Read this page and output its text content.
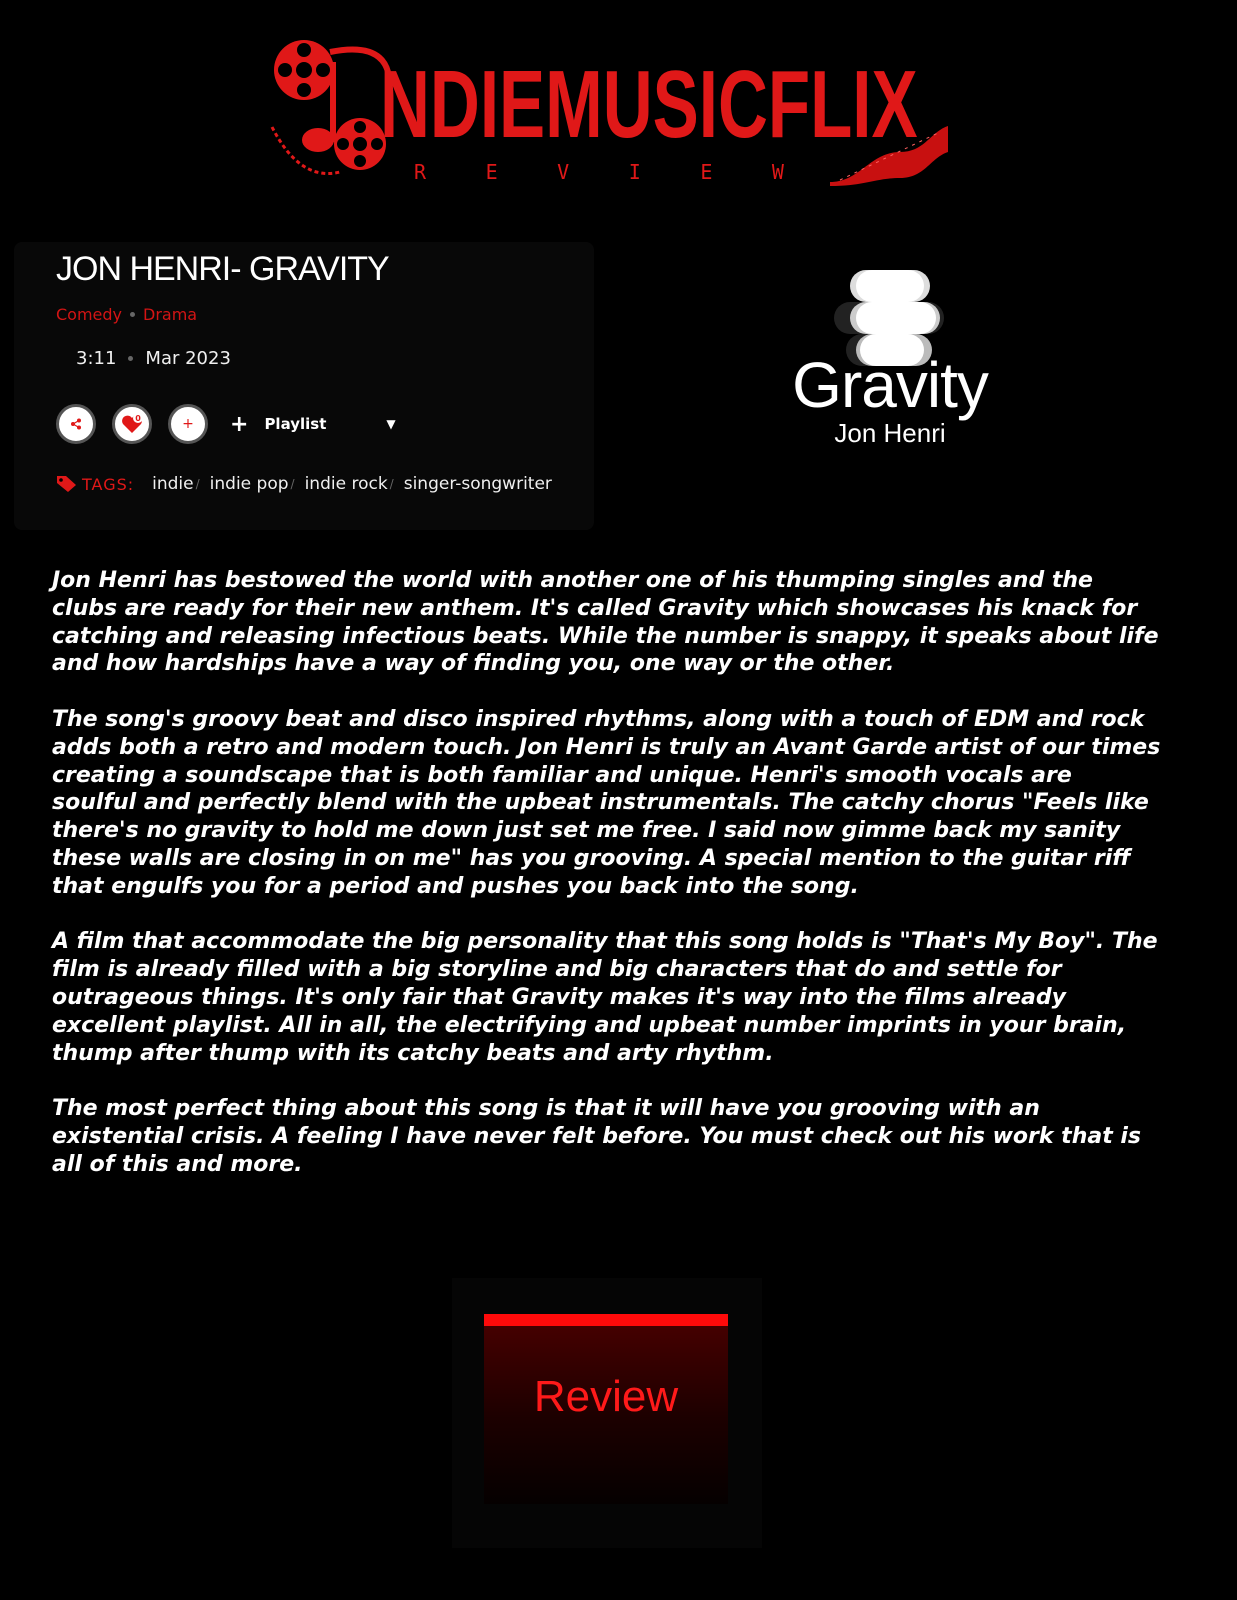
NDIEMUSICFLIX
R	E	V	I	E	W
JON HENRI- GRAVITY
Comedy Drama
3:11 Mar 2023
0	+ + Playlist	▼
TAGS: indie / indie pop / indie rock / singer-songwriter
Gravity
Jon Henri

Jon Henri has bestowed the world with another one of his thumping singles and the clubs are ready for their new anthem. It's called Gravity which showcases his knack for catching and releasing infectious beats. While the number is snappy, it speaks about life and how hardships have a way of finding you, one way or the other.

The song's groovy beat and disco inspired rhythms, along with a touch of EDM and rock adds both a retro and modern touch. Jon Henri is truly an Avant Garde artist of our times creating a soundscape that is both familiar and unique. Henri's smooth vocals are soulful and perfectly blend with the upbeat instrumentals. The catchy chorus "Feels like there's no gravity to hold me down just set me free. I said now gimme back my sanity these walls are closing in on me" has you grooving. A special mention to the guitar riff that engulfs you for a period and pushes you back into the song.

A film that accommodate the big personality that this song holds is "That's My Boy". The film is already filled with a big storyline and big characters that do and settle for outrageous things. It's only fair that Gravity makes it's way into the films already excellent playlist. All in all, the electrifying and upbeat number imprints in your brain, thump after thump with its catchy beats and arty rhythm.

The most perfect thing about this song is that it will have you grooving with an existential crisis. A feeling I have never felt before. You must check out his work that is all of this and more.

Review
